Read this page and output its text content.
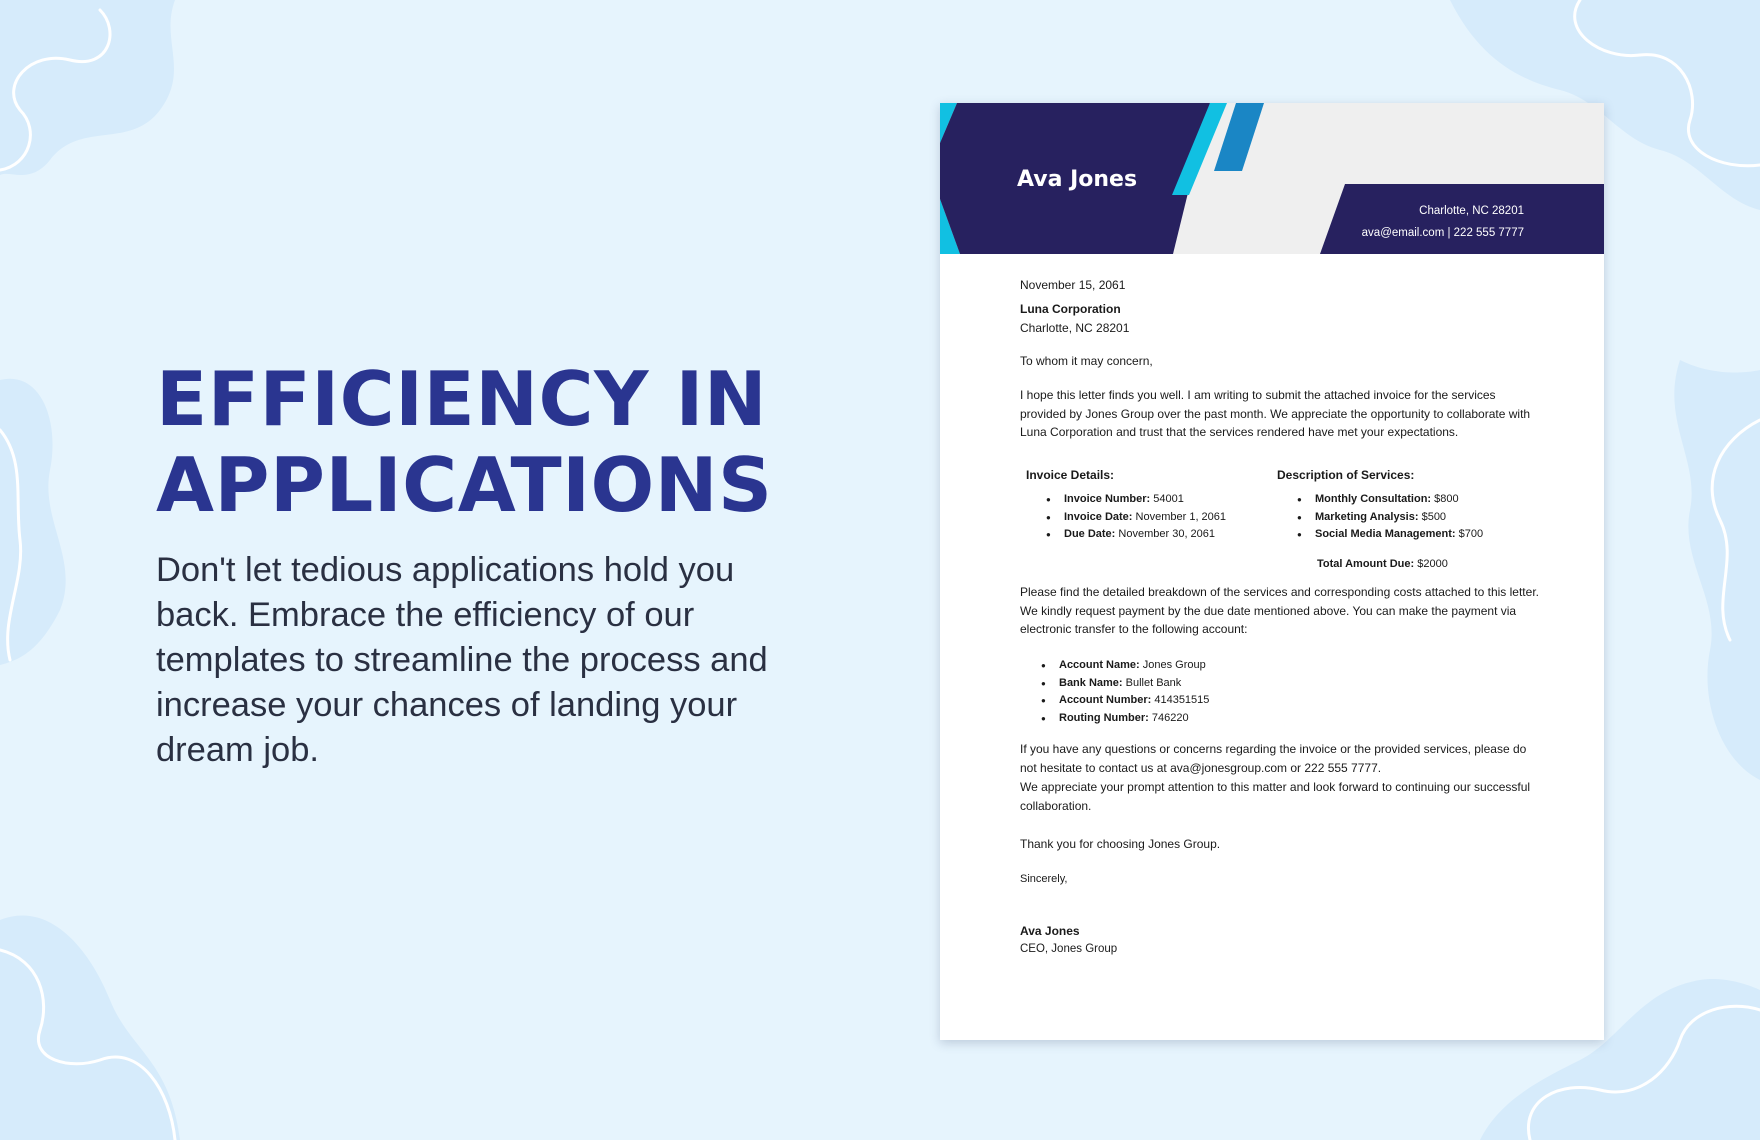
EFFICIENCY IN
APPLICATIONS

Don't let tedious applications hold you back. Embrace the efficiency of our templates to streamline the process and increase your chances of landing your dream job.

Ava Jones
Charlotte, NC 28201
ava@email.com | 222 555 7777
November 15, 2061
Luna Corporation
Charlotte, NC 28201
To whom it may concern,
I hope this letter finds you well. I am writing to submit the attached invoice for the services provided by Jones Group over the past month. We appreciate the opportunity to collaborate with Luna Corporation and trust that the services rendered have met your expectations.
Invoice Details:
● Invoice Number: 54001
● Invoice Date: November 1, 2061
● Due Date: November 30, 2061
Description of Services:
● Monthly Consultation: $800
● Marketing Analysis: $500
● Social Media Management: $700
Total Amount Due: $2000
Please find the detailed breakdown of the services and corresponding costs attached to this letter. We kindly request payment by the due date mentioned above. You can make the payment via electronic transfer to the following account:
● Account Name: Jones Group
● Bank Name: Bullet Bank
● Account Number: 414351515
● Routing Number: 746220
If you have any questions or concerns regarding the invoice or the provided services, please do not hesitate to contact us at ava@jonesgroup.com or 222 555 7777.
We appreciate your prompt attention to this matter and look forward to continuing our successful collaboration.
Thank you for choosing Jones Group.
Sincerely,
Ava Jones
CEO, Jones Group
